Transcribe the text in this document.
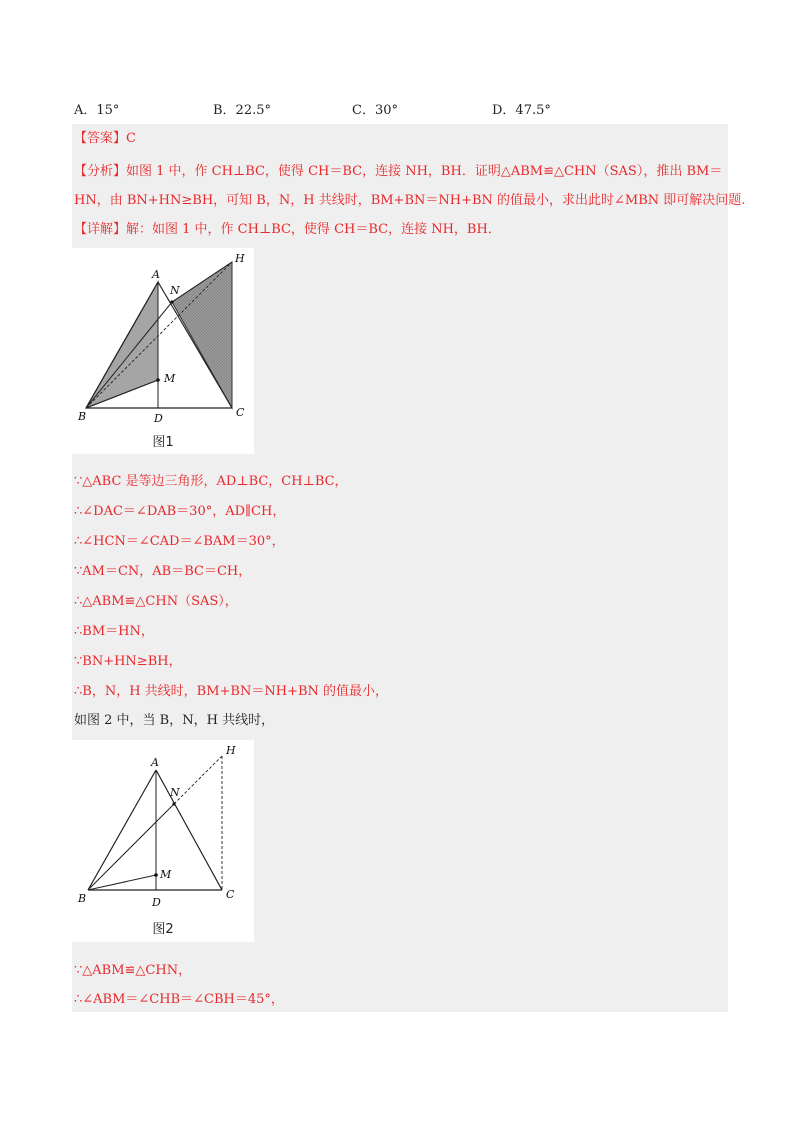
A．15°	B．22.5°	C．30°	D．47.5°
【答案】C
【分析】如图 1 中，作 CH⊥BC，使得 CH＝BC，连接 NH，BH．证明△ABM≌△CHN（SAS），推出 BM＝
HN，由 BN+HN≥BH，可知 B，N，H 共线时，BM+BN＝NH+BN 的值最小，求出此时∠MBN 即可解决问题.
【详解】解：如图 1 中，作 CH⊥BC，使得 CH＝BC，连接 NH，BH．
A
B	C
D
H
M
N
图1
∵△ABC 是等边三角形，AD⊥BC，CH⊥BC，
∴∠DAC＝∠DAB＝30°，AD∥CH，
∴∠HCN＝∠CAD＝∠BAM＝30°，
∵AM＝CN，AB＝BC＝CH，
∴△ABM≌△CHN（SAS），
∴BM＝HN，
∵BN+HN≥BH，
∴B，N，H 共线时，BM+BN＝NH+BN 的值最小，
如图 2 中，当 B，N，H 共线时，
A
B	C
D
H
M
N
图2
∵△ABM≌△CHN，
∴∠ABM＝∠CHB＝∠CBH＝45°，
